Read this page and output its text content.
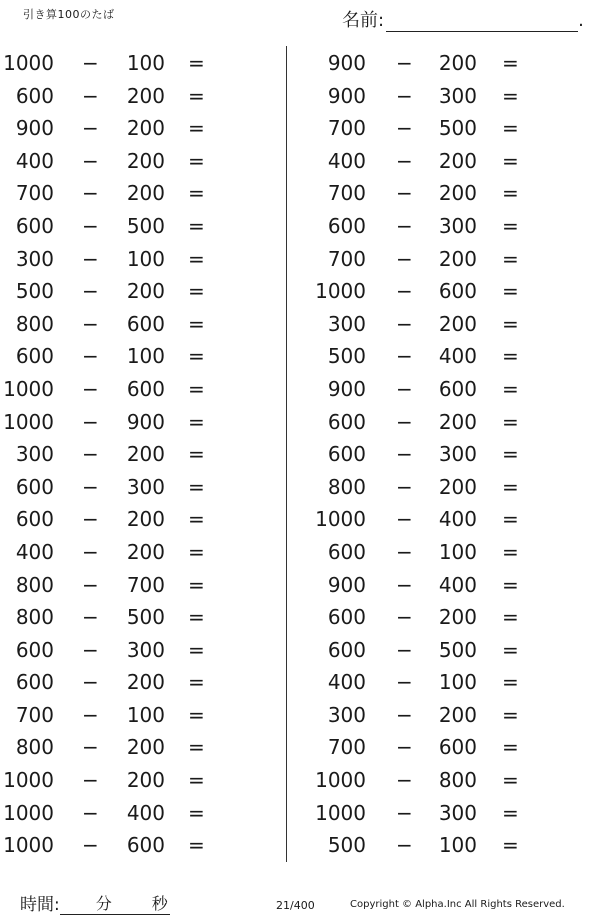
引き算100のたば	名前:	.
1000 − 100 =
600 − 200 =
900 − 200 =
400 − 200 =
700 − 200 =
600 − 500 =
300 − 100 =
500 − 200 =
800 − 600 =
600 − 100 =
1000 − 600 =
1000 − 900 =
300 − 200 =
600 − 300 =
600 − 200 =
400 − 200 =
800 − 700 =
800 − 500 =
600 − 300 =
600 − 200 =
700 − 100 =
800 − 200 =
1000 − 200 =
1000 − 400 =
1000 − 600 =
900 − 200 =
900 − 300 =
700 − 500 =
400 − 200 =
700 − 200 =
600 − 300 =
700 − 200 =
1000 − 600 =
300 − 200 =
500 − 400 =
900 − 600 =
600 − 200 =
600 − 300 =
800 − 200 =
1000 − 400 =
600 − 100 =
900 − 400 =
600 − 200 =
600 − 500 =
400 − 100 =
300 − 200 =
700 − 600 =
1000 − 800 =
1000 − 300 =
500 − 100 =
時間: 分 秒	21/400	Copyright © Alpha.Inc All Rights Reserved.
